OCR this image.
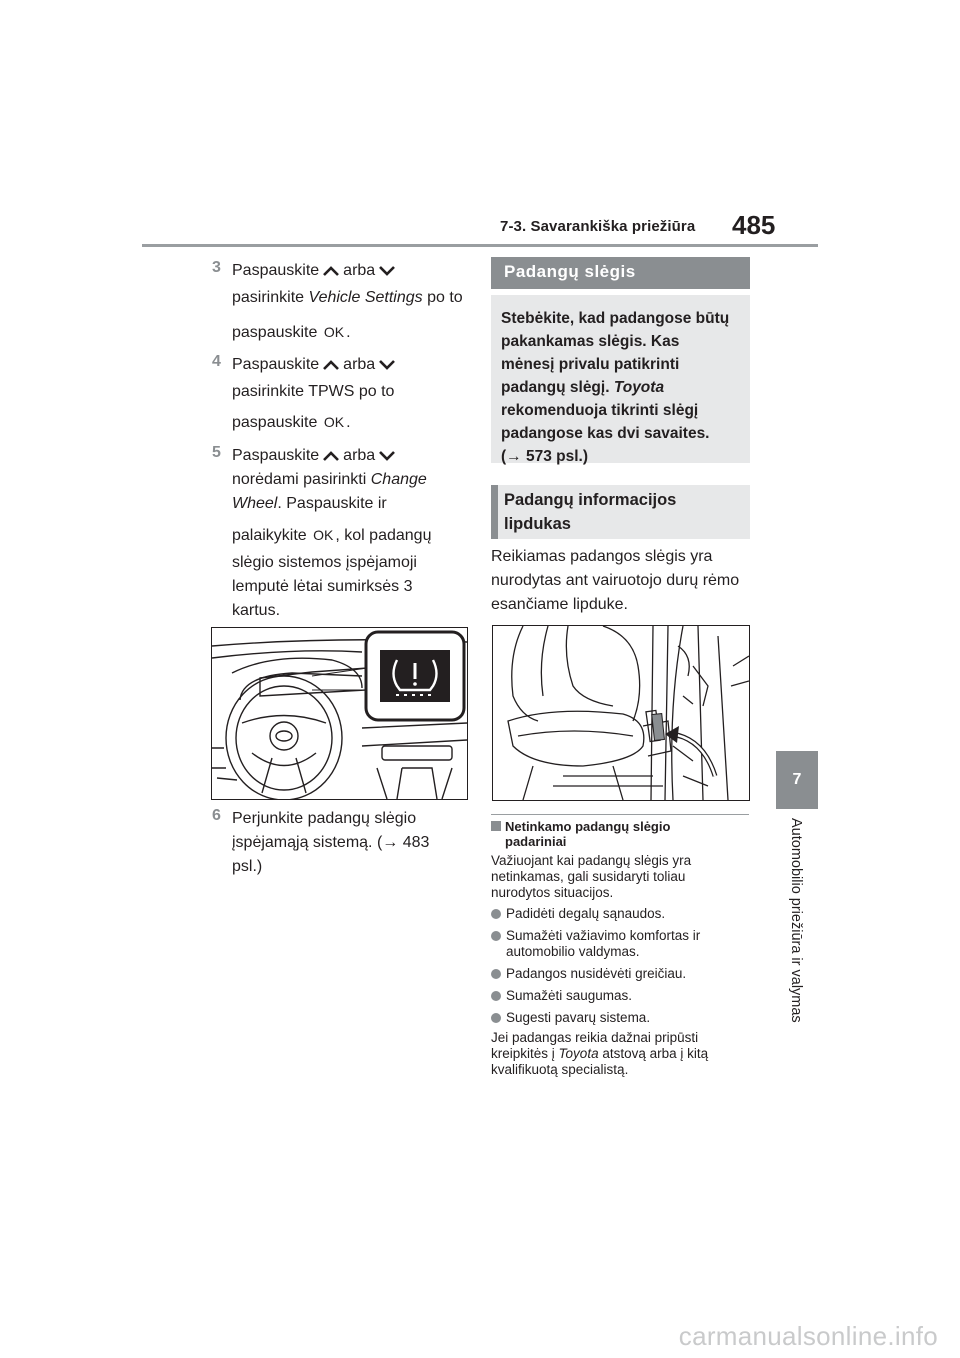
7-3. Savarankiška priežiūra 485
7
Automobilio priežiūra ir valymas
3 Paspauskite arba
pasirinkite Vehicle Settings po to
paspauskite OK .
4 Paspauskite arba
pasirinkite TPWS po to
paspauskite OK .
5 Paspauskite arba
norėdami pasirinkti Change
Wheel. Paspauskite ir
palaikykite OK , kol padangų
slėgio sistemos įspėjamoji
lemputė lėtai sumirksės 3
kartus.
6 Perjunkite padangų slėgio
įspėjamąją sistemą. (→ 483
psl.)
Padangų slėgis
Stebėkite, kad padangose būtų
pakankamas slėgis. Kas
mėnesį privalu patikrinti
padangų slėgį. Toyota
rekomenduoja tikrinti slėgį
padangose kas dvi savaites.
(→ 573 psl.)
Padangų informacijos
lipdukas
Reikiamas padangos slėgis yra
nurodytas ant vairuotojo durų rėmo
esančiame lipduke.
Netinkamo padangų slėgio
padariniai
Važiuojant kai padangų slėgis yra
netinkamas, gali susidaryti toliau
nurodytos situacijos.
Padidėti degalų sąnaudos.
Sumažėti važiavimo komfortas ir
automobilio valdymas.
Padangos nusidėvėti greičiau.
Sumažėti saugumas.
Sugesti pavarų sistema.
Jei padangas reikia dažnai pripūsti
kreipkitės į Toyota atstovą arba į kitą
kvalifikuotą specialistą.
carmanualsonline.info
